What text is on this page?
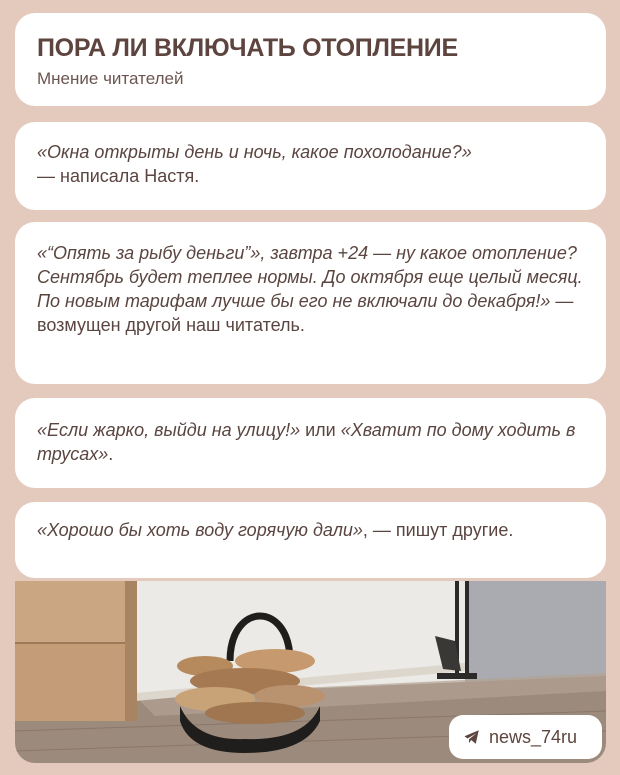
ПОРА ЛИ ВКЛЮЧАТЬ ОТОПЛЕНИЕ
Мнение читателей
«Окна открыты день и ночь, какое похолодание?»
— написала Настя.
«“Опять за рыбу деньги”», завтра +24 — ну какое отопление? Сентябрь будет теплее нормы. До октября еще целый месяц. По новым тарифам лучше бы его не включали до декабря!» — возмущен другой наш читатель.
«Если жарко, выйди на улицу!» или «Хватит по дому ходить в трусах».
«Хорошо бы хоть воду горячую дали», — пишут другие.
news_74ru
